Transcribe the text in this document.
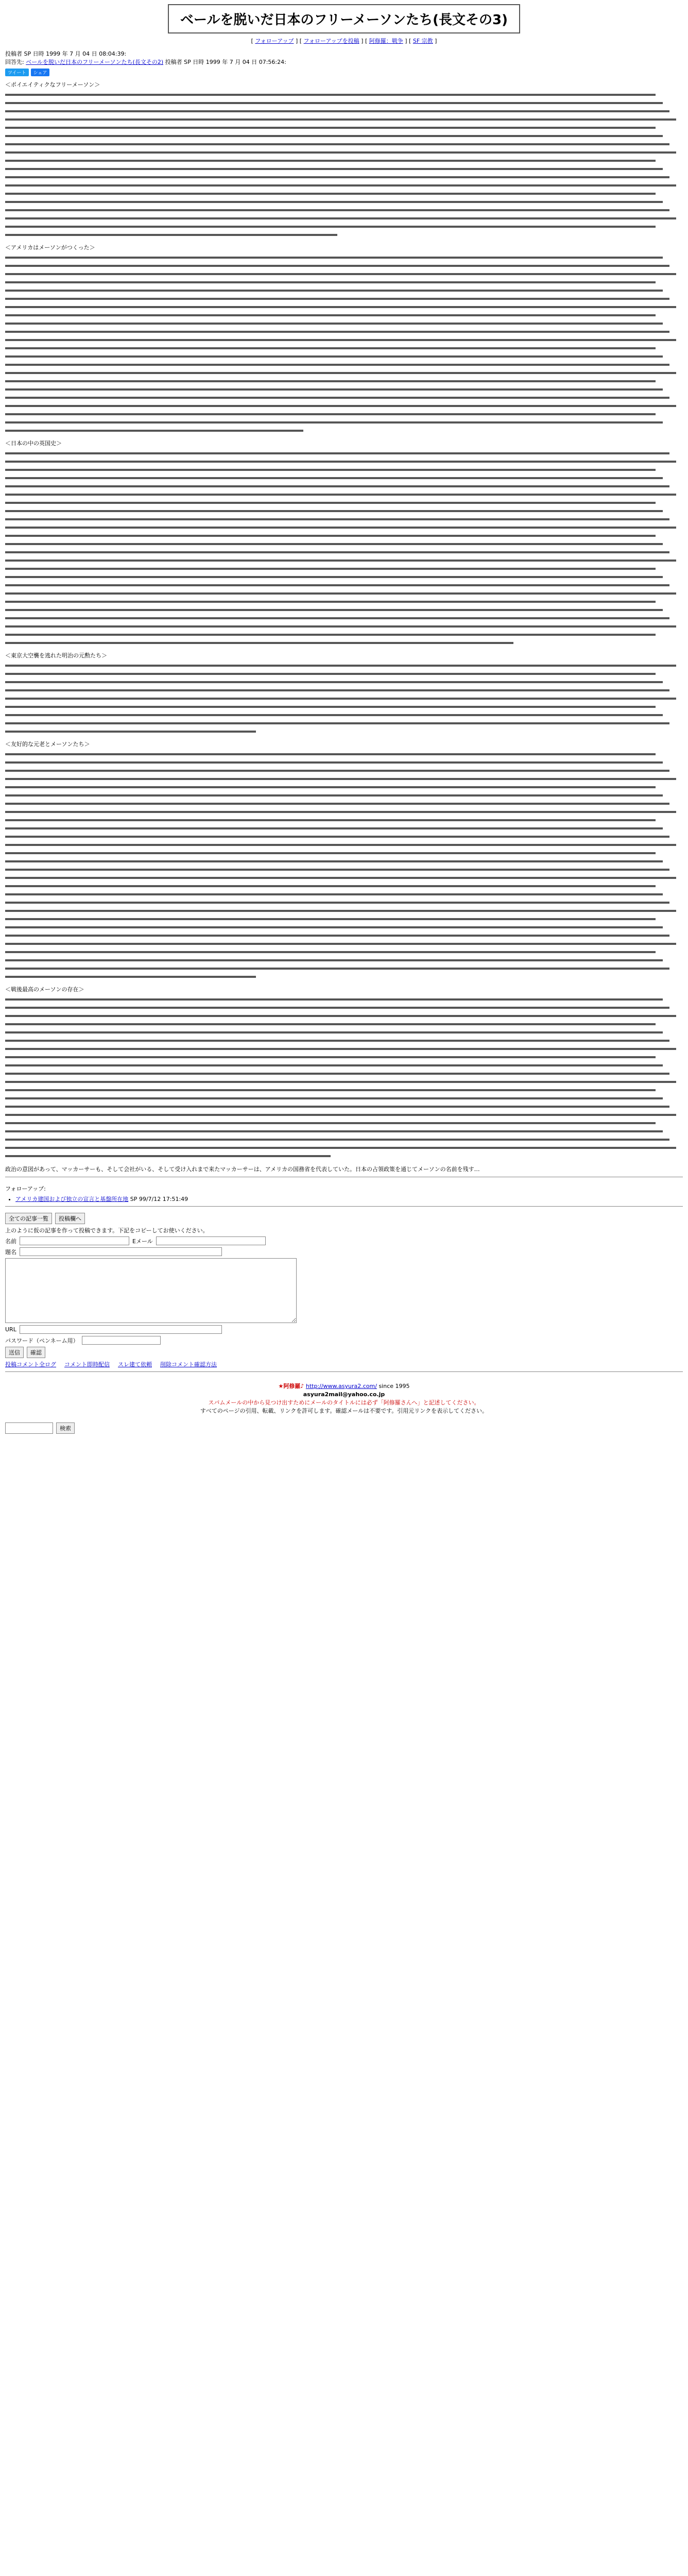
ベールを脱いだ日本のフリーメーソンたち(長文その3)
[ フォローアップ ] [ フォローアップを投稿 ] [ 阿修羅：戦争 ] [ SF 宗教 ]
投稿者 SP 日時 1999 年 7 月 04 日 08:04:39:
回答先: ベールを脱いだ日本のフリーメーソンたち(長文その2) 投稿者 SP 日時 1999 年 7 月 04 日 07:56:24:
ツイート	シェア
＜ポイエイティクなフリーメーソン＞
＜アメリカはメーソンがつくった＞
＜日本の中の英国史＞
＜東京大空襲を逃れた明治の元勲たち＞
＜友好的な元老とメーソンたち＞
＜戦後最高のメーソンの存在＞
政治の意図があって、マッカーサーも、そして会社がいる、そして受け入れまで来たマッカーサーは、アメリカの国務省を代表していた。日本の占領政策を通じてメーソンの名前を残す…
フォローアップ:
• アメリカ建国および独立の宣言と基盤所在地 SP 99/7/12 17:51:49
全ての記事一覧	投稿欄へ
上のように仮の記事を作って投稿できます。下記をコピーしてお使いください。
名前	Eメール
題名
URL
パスワード（ペンネーム用）
送信	確認
投稿コメント全ログ コメント即時配信 スレ建て依頼 削除コメント確認方法
★阿修羅♪ http://www.asyura2.com/ since 1995
asyura2mail@yahoo.co.jp
スパムメールの中から見つけ出すためにメールのタイトルには必ず「阿修羅さんへ」と記述してください。
すべてのページの引用、転載、リンクを許可します。確認メールは不要です。引用元リンクを表示してください。
検索
